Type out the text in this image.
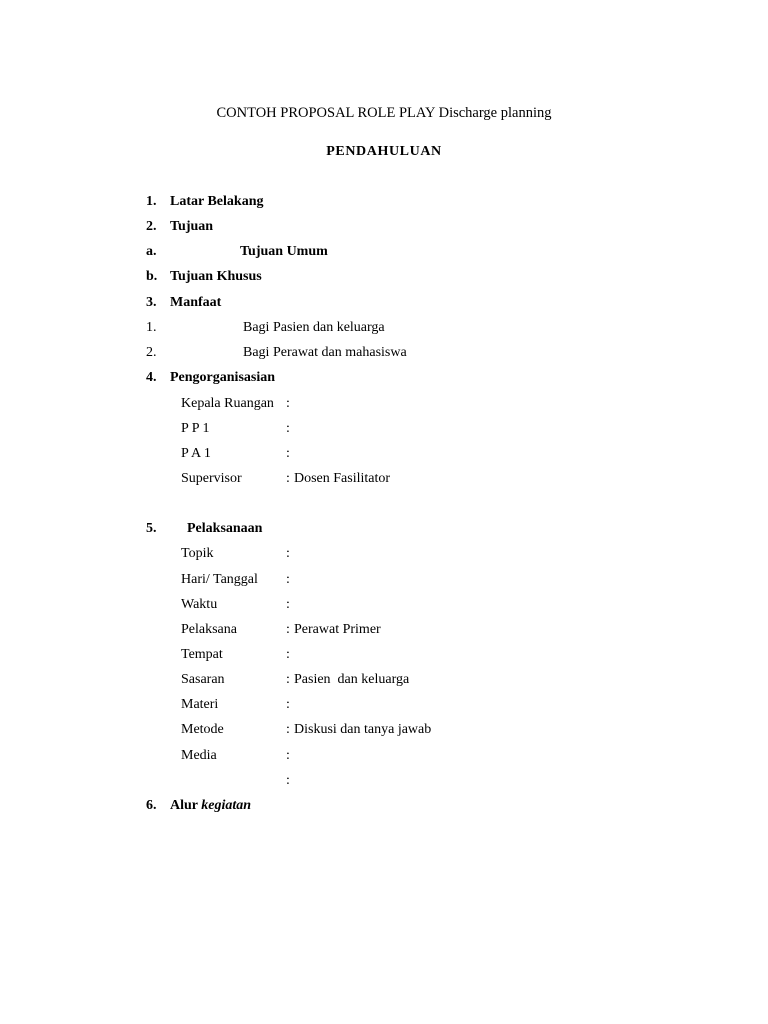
CONTOH PROPOSAL ROLE PLAY Discharge planning
PENDAHULUAN
1. Latar Belakang
2. Tujuan
a.	Tujuan Umum
b. Tujuan Khusus
3. Manfaat
1.	Bagi Pasien dan keluarga
2.	Bagi Perawat dan mahasiswa
4. Pengorganisasian
Kepala Ruangan :
P P 1	:
P A 1	:
Supervisor	: Dosen Fasilitator
5. Pelaksanaan
Topik	:
Hari/ Tanggal :
Waktu	:
Pelaksana	: Perawat Primer
Tempat	:
Sasaran	: Pasien  dan keluarga
Materi	:
Metode	: Diskusi dan tanya jawab
Media	:
:
6. Alur kegiatan
